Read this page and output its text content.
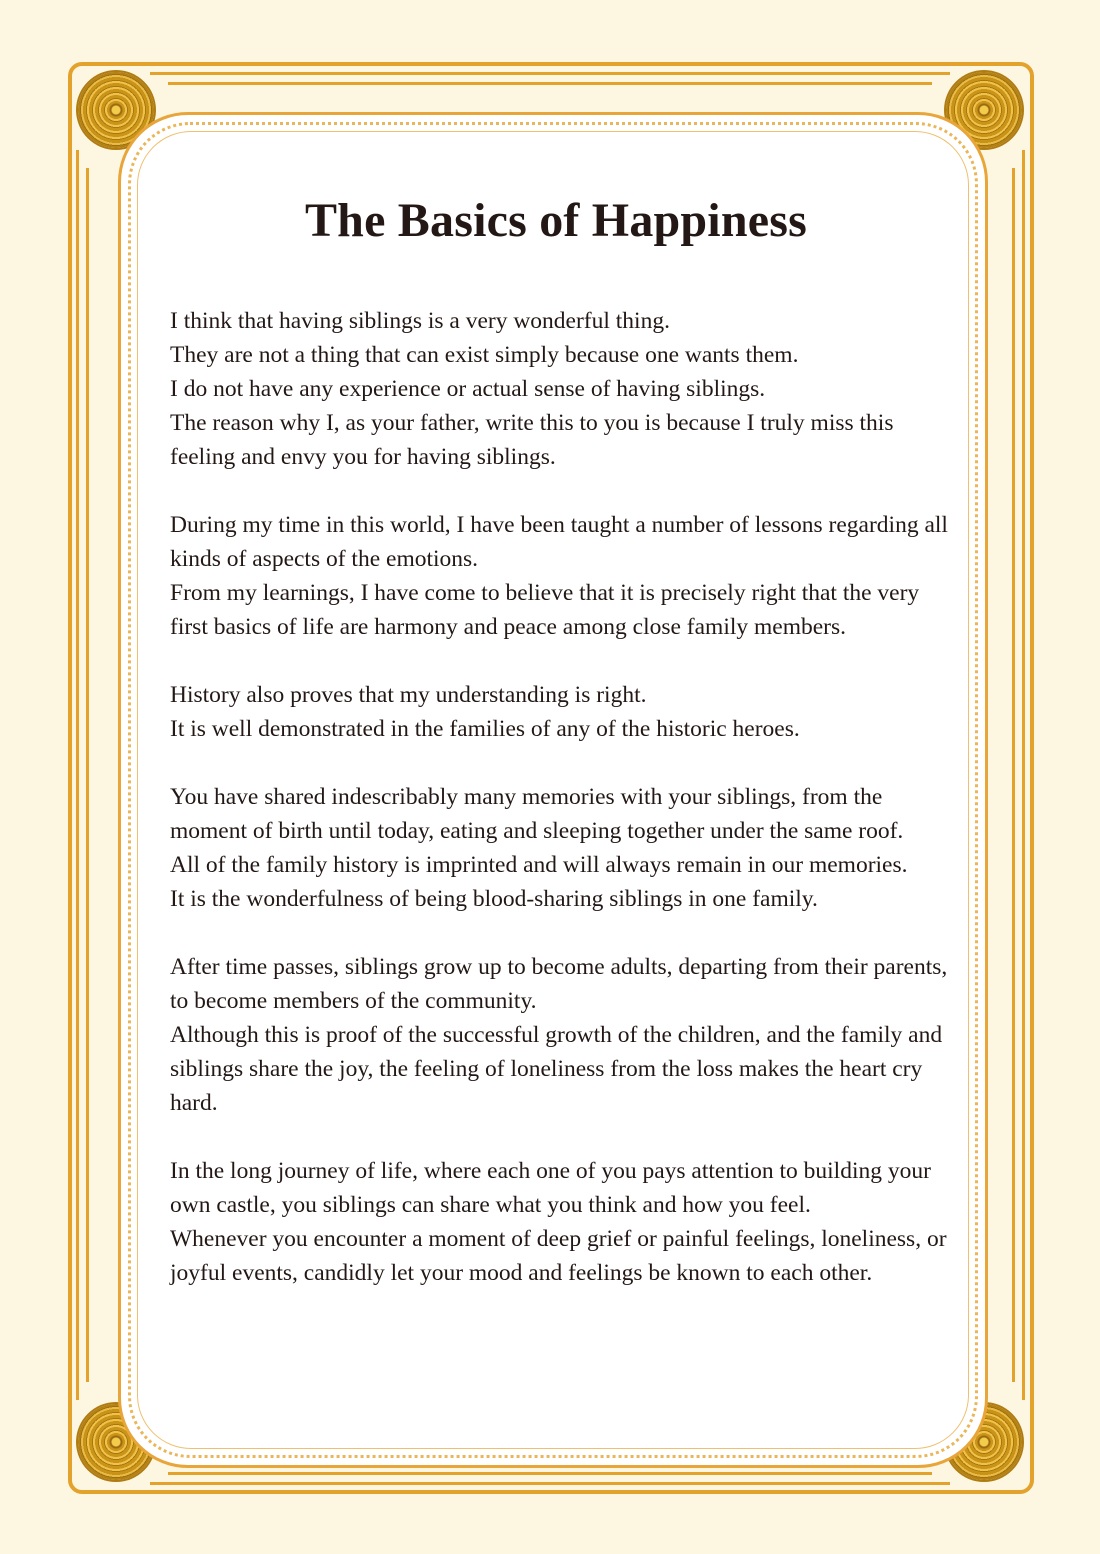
The Basics of Happiness

I think that having siblings is a very wonderful thing.
They are not a thing that can exist simply because one wants them.
I do not have any experience or actual sense of having siblings.
The reason why I, as your father, write this to you is because I truly miss this
feeling and envy you for having siblings.

During my time in this world, I have been taught a number of lessons regarding all
kinds of aspects of the emotions.
From my learnings, I have come to believe that it is precisely right that the very
first basics of life are harmony and peace among close family members.

History also proves that my understanding is right.
It is well demonstrated in the families of any of the historic heroes.

You have shared indescribably many memories with your siblings, from the
moment of birth until today, eating and sleeping together under the same roof.
All of the family history is imprinted and will always remain in our memories.
It is the wonderfulness of being blood-sharing siblings in one family.

After time passes, siblings grow up to become adults, departing from their parents,
to become members of the community.
Although this is proof of the successful growth of the children, and the family and
siblings share the joy, the feeling of loneliness from the loss makes the heart cry
hard.

In the long journey of life, where each one of you pays attention to building your
own castle, you siblings can share what you think and how you feel.
Whenever you encounter a moment of deep grief or painful feelings, loneliness, or
joyful events, candidly let your mood and feelings be known to each other.
